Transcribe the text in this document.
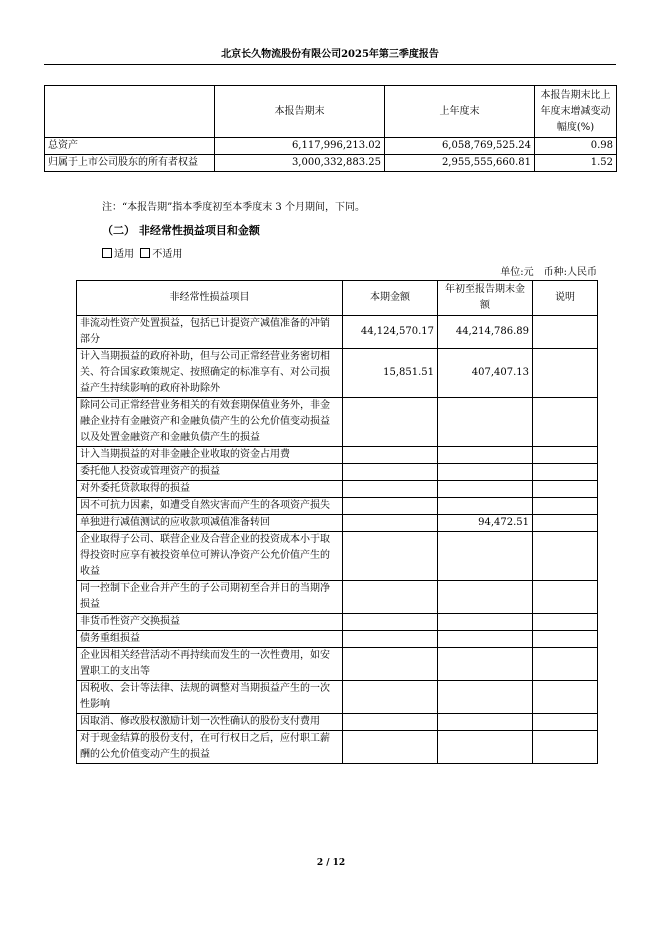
北京长久物流股份有限公司2025年第三季度报告
	本报告期末	上年度末	本报告期末比上年度末增减变动幅度(%)
总资产	6,117,996,213.02	6,058,769,525.24	0.98
归属于上市公司股东的所有者权益	3,000,332,883.25	2,955,555,660.81	1.52
注：“本报告期”指本季度初至本季度末 3 个月期间，下同。
（二） 非经常性损益项目和金额
适用 不适用
单位:元　币种:人民币
非经常性损益项目	本期金额	年初至报告期末金额	说明
非流动性资产处置损益，包括已计提资产减值准备的冲销部分	44,124,570.17	44,214,786.89	
计入当期损益的政府补助，但与公司正常经营业务密切相关、符合国家政策规定、按照确定的标准享有、对公司损益产生持续影响的政府补助除外	15,851.51	407,407.13	
除同公司正常经营业务相关的有效套期保值业务外，非金融企业持有金融资产和金融负债产生的公允价值变动损益以及处置金融资产和金融负债产生的损益			
计入当期损益的对非金融企业收取的资金占用费			
委托他人投资或管理资产的损益			
对外委托贷款取得的损益			
因不可抗力因素，如遭受自然灾害而产生的各项资产损失			
单独进行减值测试的应收款项减值准备转回		94,472.51	
企业取得子公司、联营企业及合营企业的投资成本小于取得投资时应享有被投资单位可辨认净资产公允价值产生的收益			
同一控制下企业合并产生的子公司期初至合并日的当期净损益			
非货币性资产交换损益			
债务重组损益			
企业因相关经营活动不再持续而发生的一次性费用，如安置职工的支出等			
因税收、会计等法律、法规的调整对当期损益产生的一次性影响			
因取消、修改股权激励计划一次性确认的股份支付费用			
对于现金结算的股份支付，在可行权日之后，应付职工薪酬的公允价值变动产生的损益			
2 / 12
